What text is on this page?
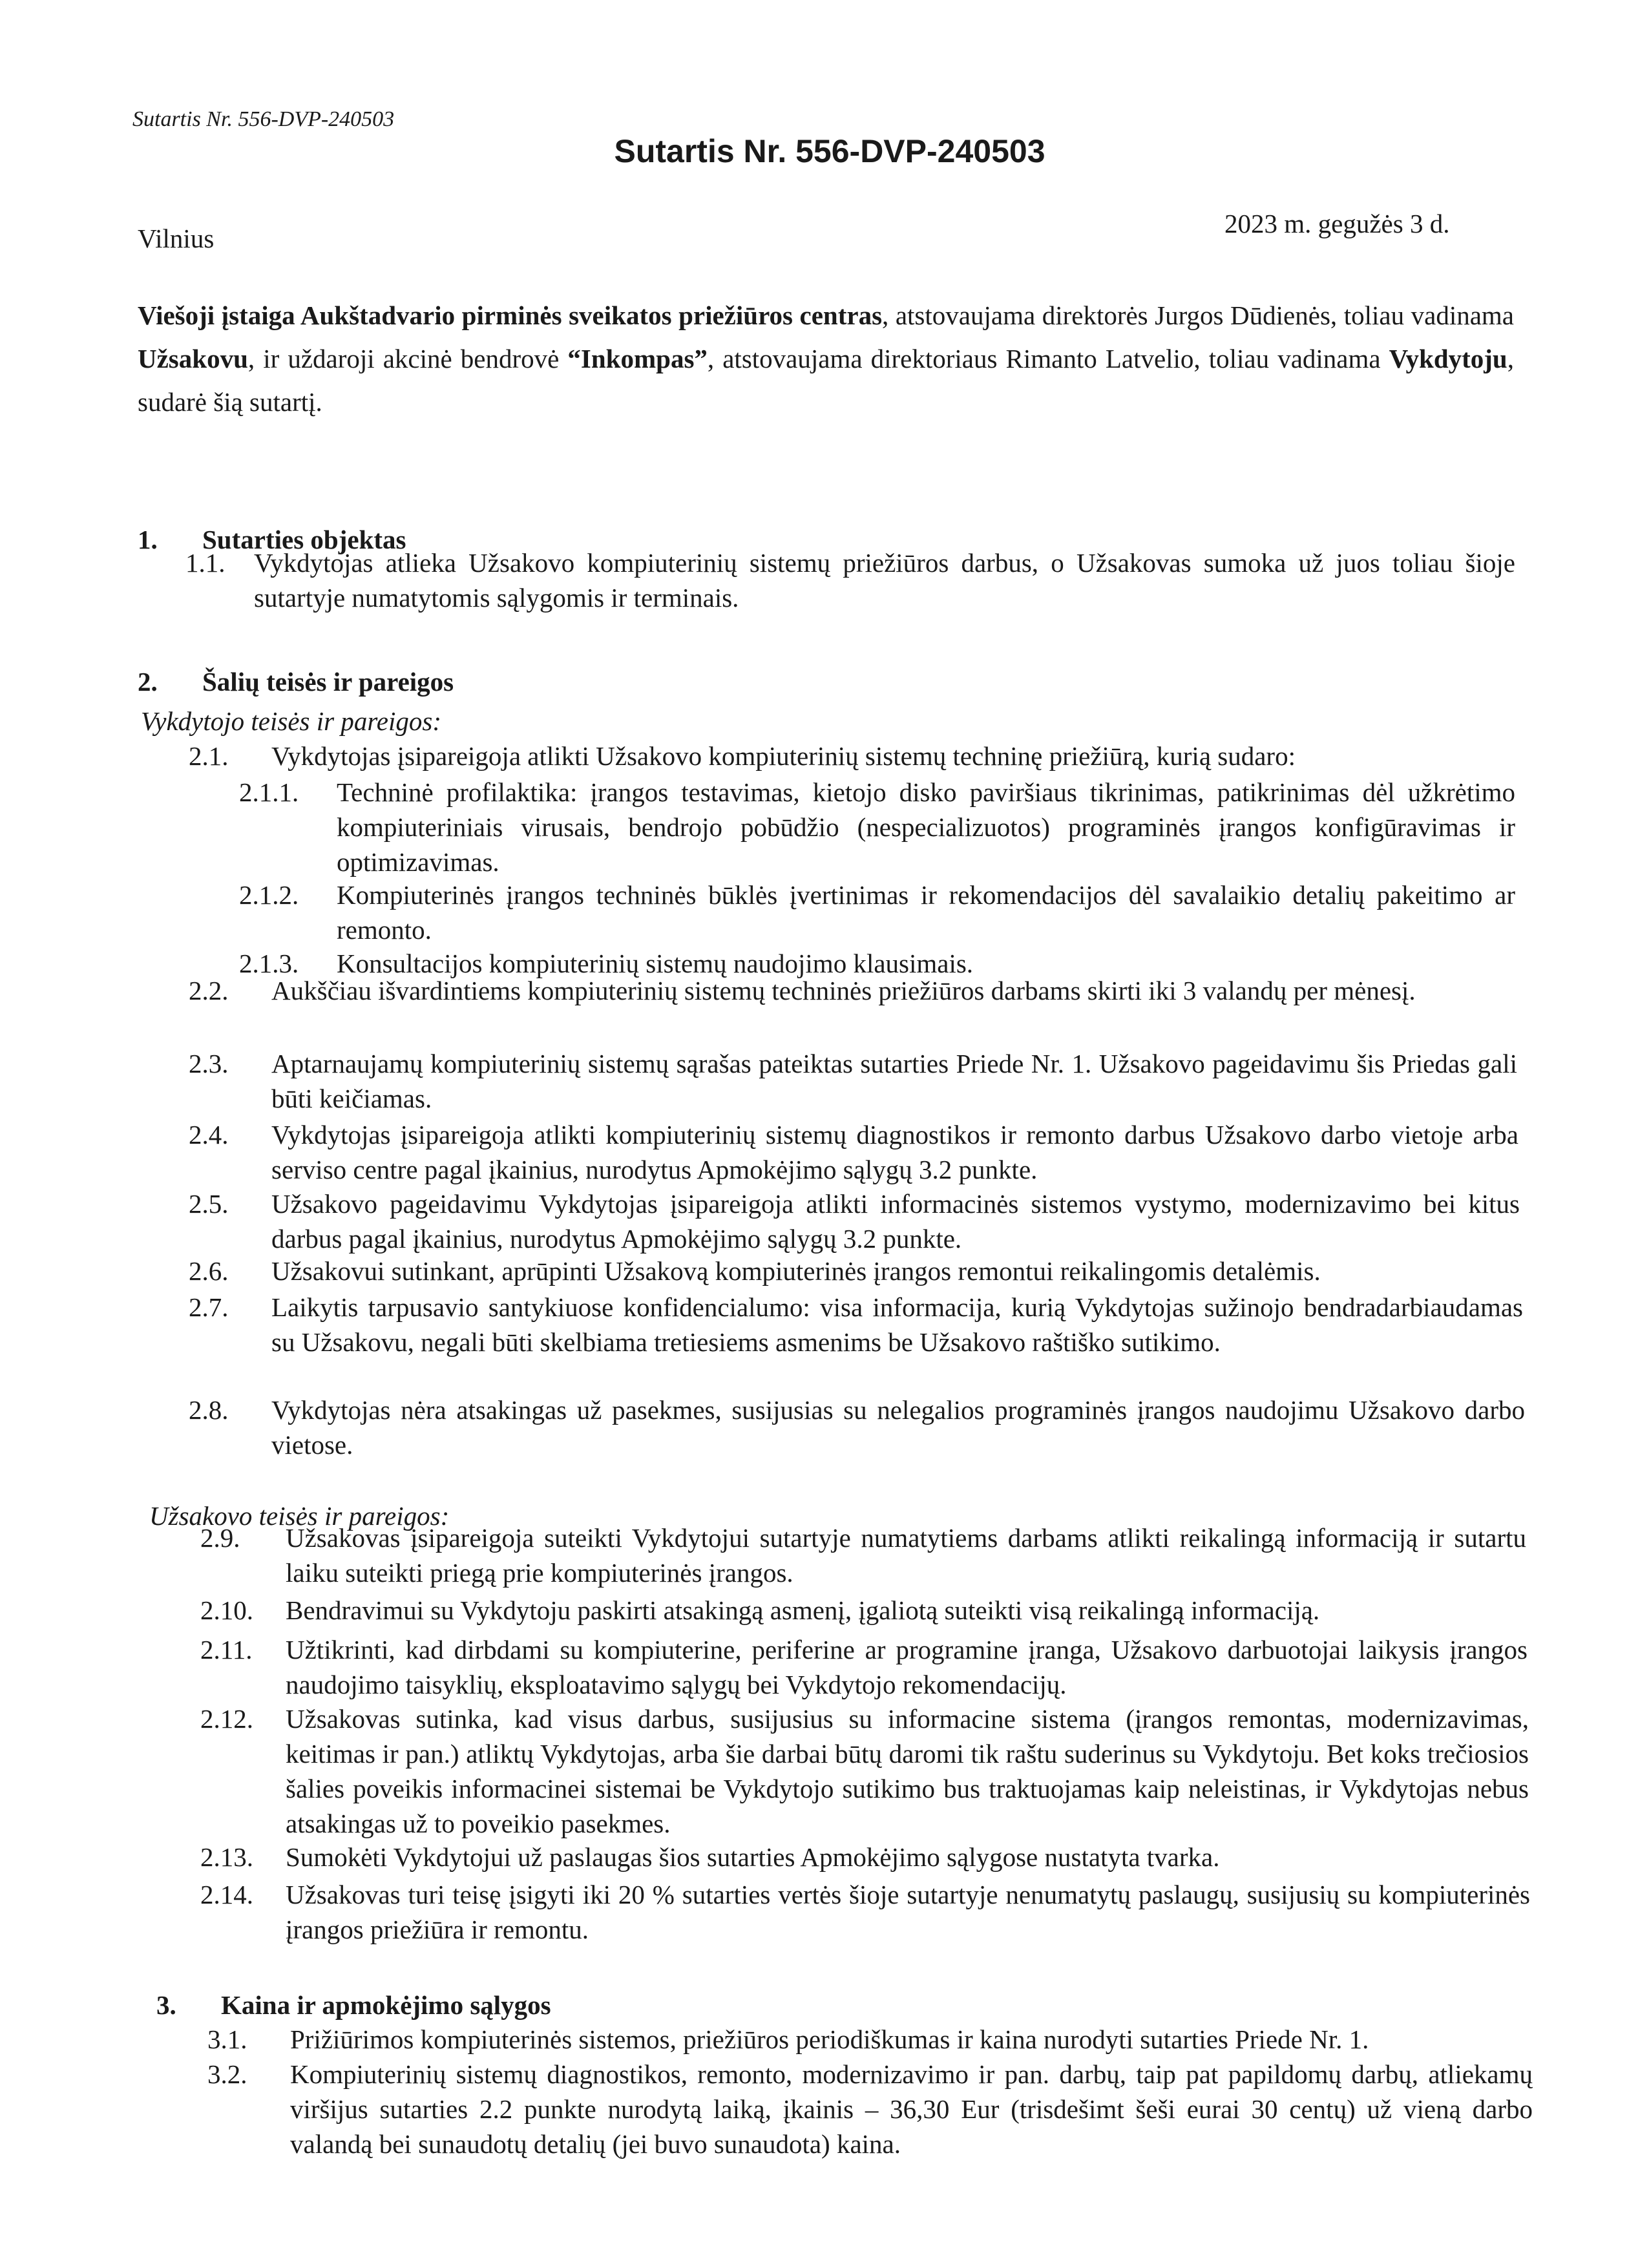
Sutartis Nr. 556-DVP-240503
Sutartis Nr. 556-DVP-240503
Vilnius	2023 m. gegužės 3 d.
Viešoji įstaiga Aukštadvario pirminės sveikatos priežiūros centras, atstovaujama direktorės Jurgos Dūdienės, toliau vadinama Užsakovu, ir uždaroji akcinė bendrovė “Inkompas”, atstovaujama direktoriaus Rimanto Latvelio, toliau vadinama Vykdytoju, sudarė šią sutartį.
1. Sutarties objektas
2. Šalių teisės ir pareigos
3. Kaina ir apmokėjimo sąlygos
Vykdytojo teisės ir pareigos:
Užsakovo teisės ir pareigos:
1.1. Vykdytojas atlieka Užsakovo kompiuterinių sistemų priežiūros darbus, o Užsakovas sumoka už juos toliau šioje sutartyje numatytomis sąlygomis ir terminais.
2.1. Vykdytojas įsipareigoja atlikti Užsakovo kompiuterinių sistemų techninę priežiūrą, kurią sudaro:
2.1.1. Techninė profilaktika: įrangos testavimas, kietojo disko paviršiaus tikrinimas, patikrinimas dėl užkrėtimo kompiuteriniais virusais, bendrojo pobūdžio (nespecializuotos) programinės įrangos konfigūravimas ir optimizavimas.
2.1.2. Kompiuterinės įrangos techninės būklės įvertinimas ir rekomendacijos dėl savalaikio detalių pakeitimo ar remonto.
2.1.3. Konsultacijos kompiuterinių sistemų naudojimo klausimais.
2.2. Aukščiau išvardintiems kompiuterinių sistemų techninės priežiūros darbams skirti iki 3 valandų per mėnesį.
2.3. Aptarnaujamų kompiuterinių sistemų sąrašas pateiktas sutarties Priede Nr. 1. Užsakovo pageidavimu šis Priedas gali būti keičiamas.
2.4. Vykdytojas įsipareigoja atlikti kompiuterinių sistemų diagnostikos ir remonto darbus Užsakovo darbo vietoje arba serviso centre pagal įkainius, nurodytus Apmokėjimo sąlygų 3.2 punkte.
2.5. Užsakovo pageidavimu Vykdytojas įsipareigoja atlikti informacinės sistemos vystymo, modernizavimo bei kitus darbus pagal įkainius, nurodytus Apmokėjimo sąlygų 3.2 punkte.
2.6. Užsakovui sutinkant, aprūpinti Užsakovą kompiuterinės įrangos remontui reikalingomis detalėmis.
2.7. Laikytis tarpusavio santykiuose konfidencialumo: visa informacija, kurią Vykdytojas sužinojo bendradarbiaudamas su Užsakovu, negali būti skelbiama tretiesiems asmenims be Užsakovo raštiško sutikimo.
2.8. Vykdytojas nėra atsakingas už pasekmes, susijusias su nelegalios programinės įrangos naudojimu Užsakovo darbo vietose.
2.9. Užsakovas įsipareigoja suteikti Vykdytojui sutartyje numatytiems darbams atlikti reikalingą informaciją ir sutartu laiku suteikti priegą prie kompiuterinės įrangos.
2.10. Bendravimui su Vykdytoju paskirti atsakingą asmenį, įgaliotą suteikti visą reikalingą informaciją.
2.11. Užtikrinti, kad dirbdami su kompiuterine, periferine ar programine įranga, Užsakovo darbuotojai laikysis įrangos naudojimo taisyklių, eksploatavimo sąlygų bei Vykdytojo rekomendacijų.
2.12. Užsakovas sutinka, kad visus darbus, susijusius su informacine sistema (įrangos remontas, modernizavimas, keitimas ir pan.) atliktų Vykdytojas, arba šie darbai būtų daromi tik raštu suderinus su Vykdytoju. Bet koks trečiosios šalies poveikis informacinei sistemai be Vykdytojo sutikimo bus traktuojamas kaip neleistinas, ir Vykdytojas nebus atsakingas už to poveikio pasekmes.
2.13. Sumokėti Vykdytojui už paslaugas šios sutarties Apmokėjimo sąlygose nustatyta tvarka.
2.14. Užsakovas turi teisę įsigyti iki 20 % sutarties vertės šioje sutartyje nenumatytų paslaugų, susijusių su kompiuterinės įrangos priežiūra ir remontu.
3.1. Prižiūrimos kompiuterinės sistemos, priežiūros periodiškumas ir kaina nurodyti sutarties Priede Nr. 1.
3.2. Kompiuterinių sistemų diagnostikos, remonto, modernizavimo ir pan. darbų, taip pat papildomų darbų, atliekamų viršijus sutarties 2.2 punkte nurodytą laiką, įkainis – 36,30 Eur (trisdešimt šeši eurai 30 centų) už vieną darbo valandą bei sunaudotų detalių (jei buvo sunaudota) kaina.
